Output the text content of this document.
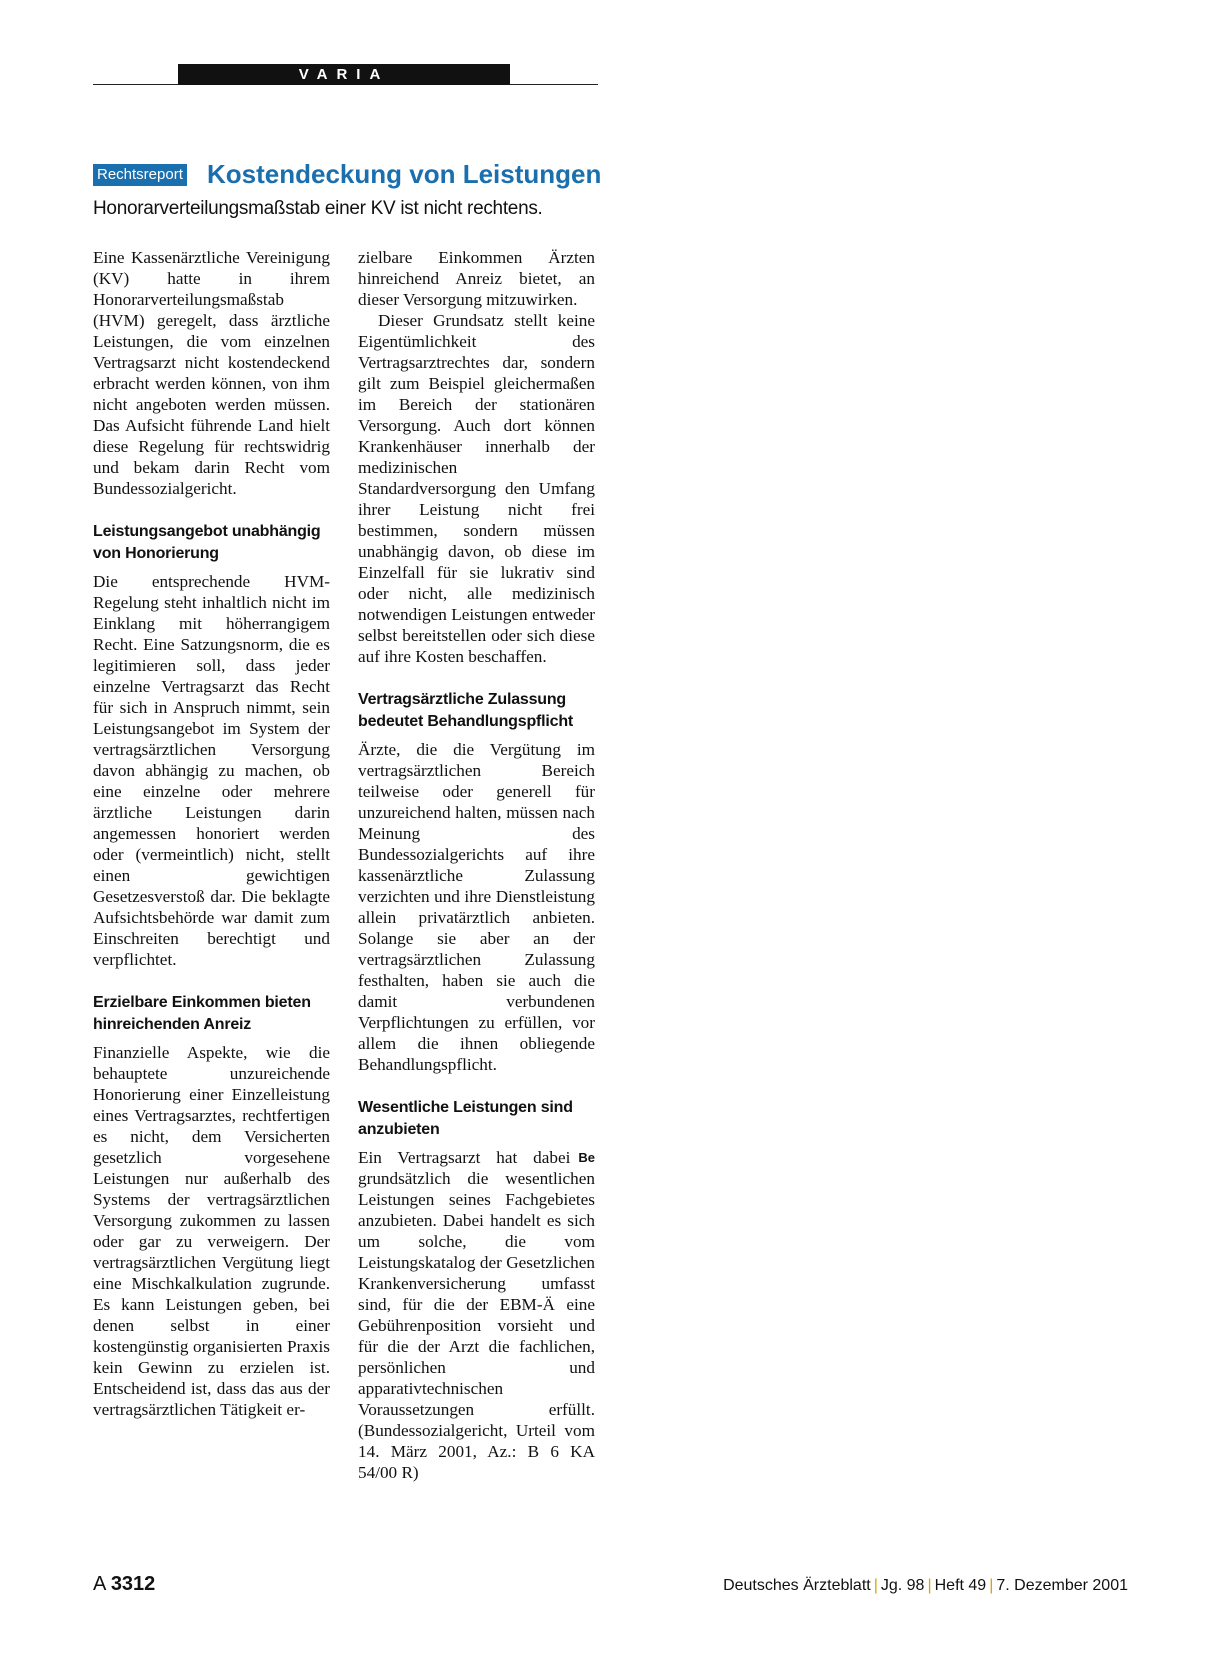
VARIA
Rechtsreport Kostendeckung von Leistungen
Honorarverteilungsmaßstab einer KV ist nicht rechtens.

Eine Kassenärztliche Vereinigung (KV) hatte in ihrem Honorarverteilungsmaßstab (HVM) geregelt, dass ärztliche Leistungen, die vom einzelnen Vertragsarzt nicht kostendeckend erbracht werden können, von ihm nicht angeboten werden müssen. Das Aufsicht führende Land hielt diese Regelung für rechtswidrig und bekam darin Recht vom Bundessozialgericht.

Leistungsangebot unabhängig von Honorierung

Die entsprechende HVM-Regelung steht inhaltlich nicht im Einklang mit höherrangigem Recht. Eine Satzungsnorm, die es legitimieren soll, dass jeder einzelne Vertragsarzt das Recht für sich in Anspruch nimmt, sein Leistungsangebot im System der vertragsärztlichen Versorgung davon abhängig zu machen, ob eine einzelne oder mehrere ärztliche Leistungen darin angemessen honoriert werden oder (vermeintlich) nicht, stellt einen gewichtigen Gesetzesverstoß dar. Die beklagte Aufsichtsbehörde war damit zum Einschreiten berechtigt und verpflichtet.

Erzielbare Einkommen bieten hinreichenden Anreiz

Finanzielle Aspekte, wie die behauptete unzureichende Honorierung einer Einzelleistung eines Vertragsarztes, rechtfertigen es nicht, dem Versicherten gesetzlich vorgesehene Leistungen nur außerhalb des Systems der vertragsärztlichen Versorgung zukommen zu lassen oder gar zu verweigern. Der vertragsärztlichen Vergütung liegt eine Mischkalkulation zugrunde. Es kann Leistungen geben, bei denen selbst in einer kostengünstig organisierten Praxis kein Gewinn zu erzielen ist. Entscheidend ist, dass das aus der vertragsärztlichen Tätigkeit er-

zielbare Einkommen Ärzten hinreichend Anreiz bietet, an dieser Versorgung mitzuwirken.

Dieser Grundsatz stellt keine Eigentümlichkeit des Vertragsarztrechtes dar, sondern gilt zum Beispiel gleichermaßen im Bereich der stationären Versorgung. Auch dort können Krankenhäuser innerhalb der medizinischen Standardversorgung den Umfang ihrer Leistung nicht frei bestimmen, sondern müssen unabhängig davon, ob diese im Einzelfall für sie lukrativ sind oder nicht, alle medizinisch notwendigen Leistungen entweder selbst bereitstellen oder sich diese auf ihre Kosten beschaffen.

Vertragsärztliche Zulassung bedeutet Behandlungspflicht

Ärzte, die die Vergütung im vertragsärztlichen Bereich teilweise oder generell für unzureichend halten, müssen nach Meinung des Bundessozialgerichts auf ihre kassenärztliche Zulassung verzichten und ihre Dienstleistung allein privatärztlich anbieten. Solange sie aber an der vertragsärztlichen Zulassung festhalten, haben sie auch die damit verbundenen Verpflichtungen zu erfüllen, vor allem die ihnen obliegende Behandlungspflicht.

Wesentliche Leistungen sind anzubieten

Be
Ein Vertragsarzt hat dabei grundsätzlich die wesentlichen Leistungen seines Fachgebietes anzubieten. Dabei handelt es sich um solche, die vom Leistungskatalog der Gesetzlichen Krankenversicherung umfasst sind, für die der EBM-Ä eine Gebührenposition vorsieht und für die der Arzt die fachlichen, persönlichen und apparativtechnischen Voraussetzungen erfüllt. (Bundessozialgericht, Urteil vom 14. März 2001, Az.: B 6 KA 54/00 R)

A 3312	Deutsches Ärzteblatt | Jg. 98 | Heft 49 | 7. Dezember 2001
